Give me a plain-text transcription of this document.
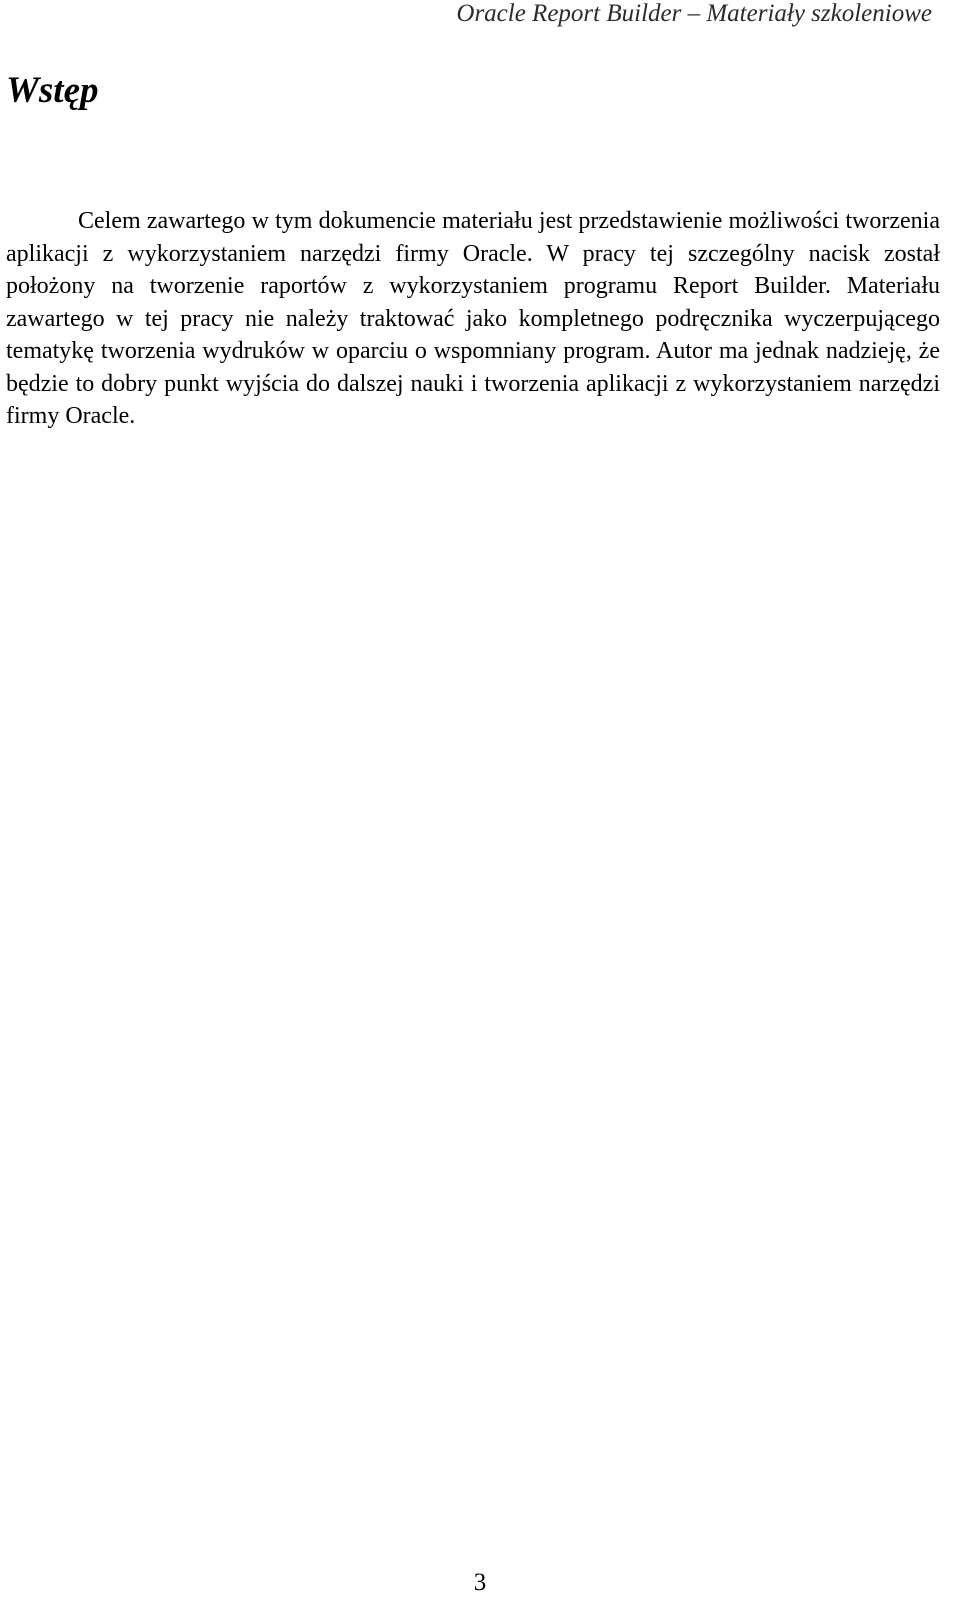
Oracle Report Builder – Materiały szkoleniowe
Wstęp

Celem zawartego w tym dokumencie materiału jest przedstawienie możliwości tworzenia aplikacji z wykorzystaniem narzędzi firmy Oracle. W pracy tej szczególny nacisk został położony na tworzenie raportów z wykorzystaniem programu Report Builder. Materiału zawartego w tej pracy nie należy traktować jako kompletnego podręcznika wyczerpującego tematykę tworzenia wydruków w oparciu o wspomniany program. Autor ma jednak nadzieję, że będzie to dobry punkt wyjścia do dalszej nauki i tworzenia aplikacji z wykorzystaniem narzędzi firmy Oracle.

3
